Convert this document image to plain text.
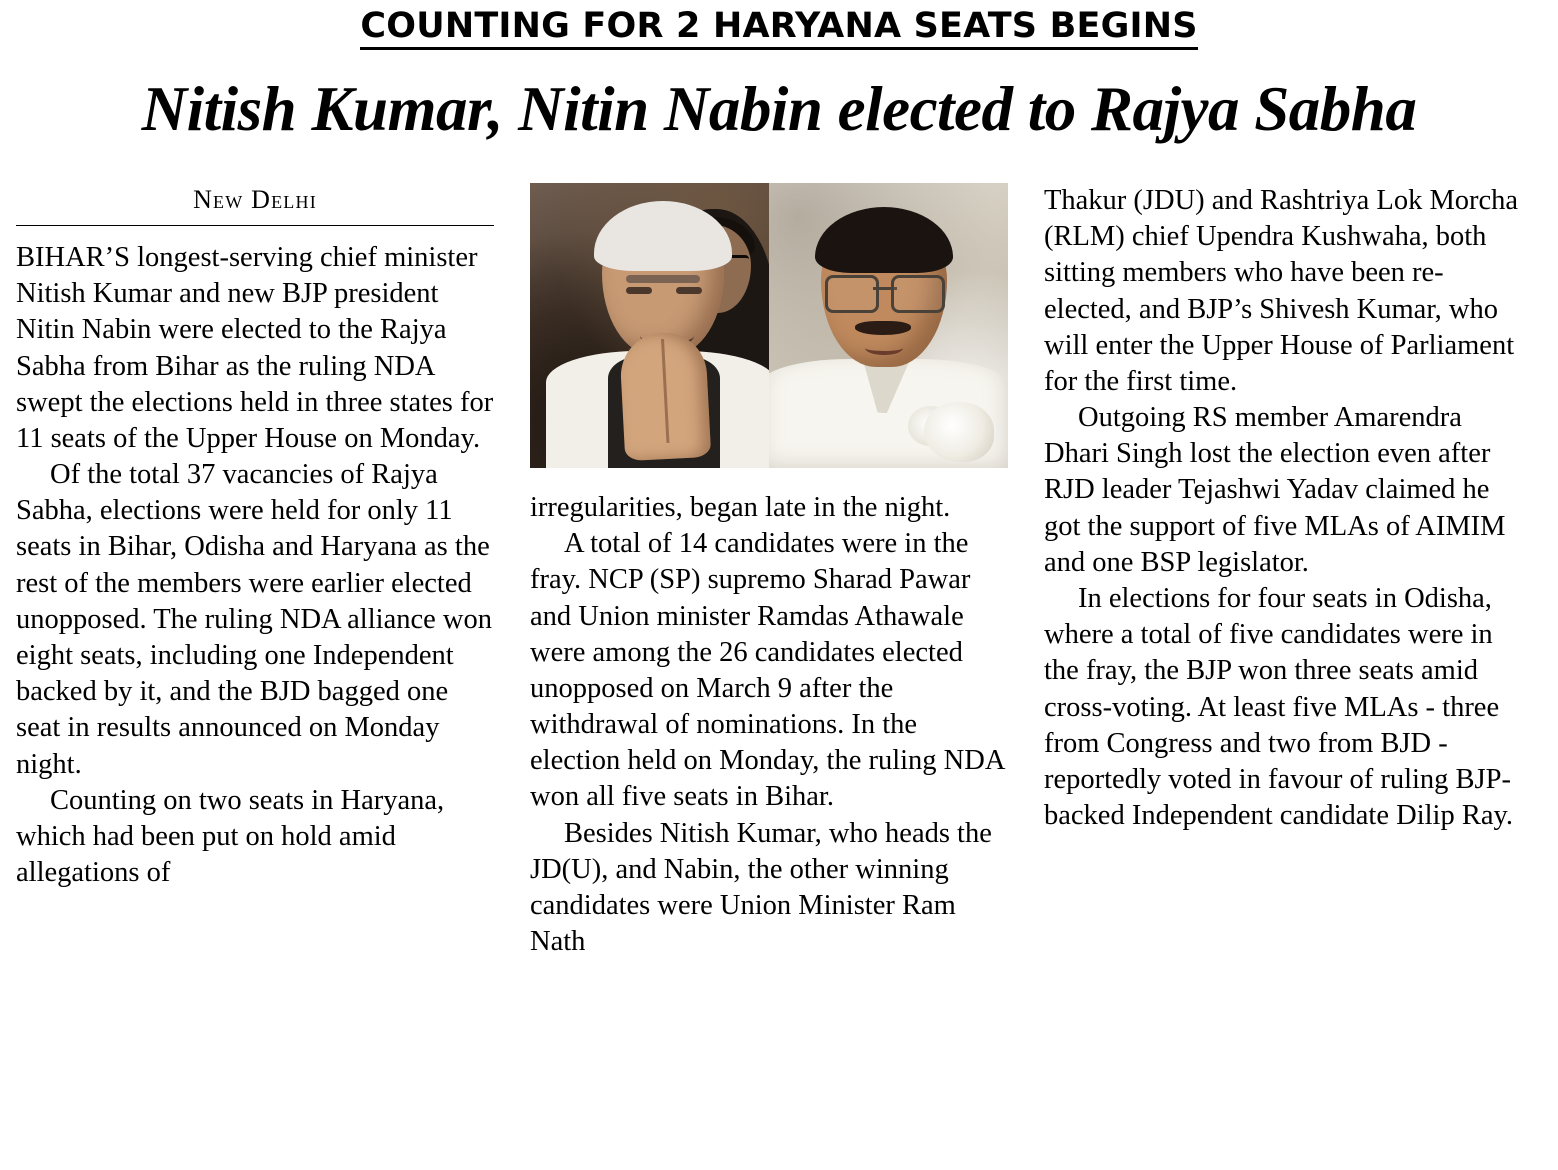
COUNTING FOR 2 HARYANA SEATS BEGINS
Nitish Kumar, Nitin Nabin elected to Rajya Sabha
New Delhi

BIHAR’S longest-serving chief minister Nitish Kumar and new BJP president Nitin Nabin were elected to the Rajya Sabha from Bihar as the ruling NDA swept the elections held in three states for 11 seats of the Upper House on Monday.

Of the total 37 vacancies of Rajya Sabha, elections were held for only 11 seats in Bihar, Odisha and Haryana as the rest of the members were earlier elected unopposed. The ruling NDA alliance won eight seats, including one Independent backed by it, and the BJD bagged one seat in results announced on Monday night.

Counting on two seats in Haryana, which had been put on hold amid allegations of

irregularities, began late in the night.

A total of 14 candidates were in the fray. NCP (SP) supremo Sharad Pawar and Union minister Ramdas Athawale were among the 26 candidates elected unopposed on March 9 after the withdrawal of nominations. In the election held on Monday, the ruling NDA won all five seats in Bihar.

Besides Nitish Kumar, who heads the JD(U), and Nabin, the other winning candidates were Union Minister Ram Nath

Thakur (JDU) and Rashtriya Lok Morcha (RLM) chief Upendra Kushwaha, both sitting members who have been re-elected, and BJP’s Shivesh Kumar, who will enter the Upper House of Parliament for the first time.

Outgoing RS member Amarendra Dhari Singh lost the election even after RJD leader Tejashwi Yadav claimed he got the support of five MLAs of AIMIM and one BSP legislator.

In elections for four seats in Odisha, where a total of five candidates were in the fray, the BJP won three seats amid cross-voting. At least five MLAs - three from Congress and two from BJD - reportedly voted in favour of ruling BJP-backed Independent candidate Dilip Ray.
